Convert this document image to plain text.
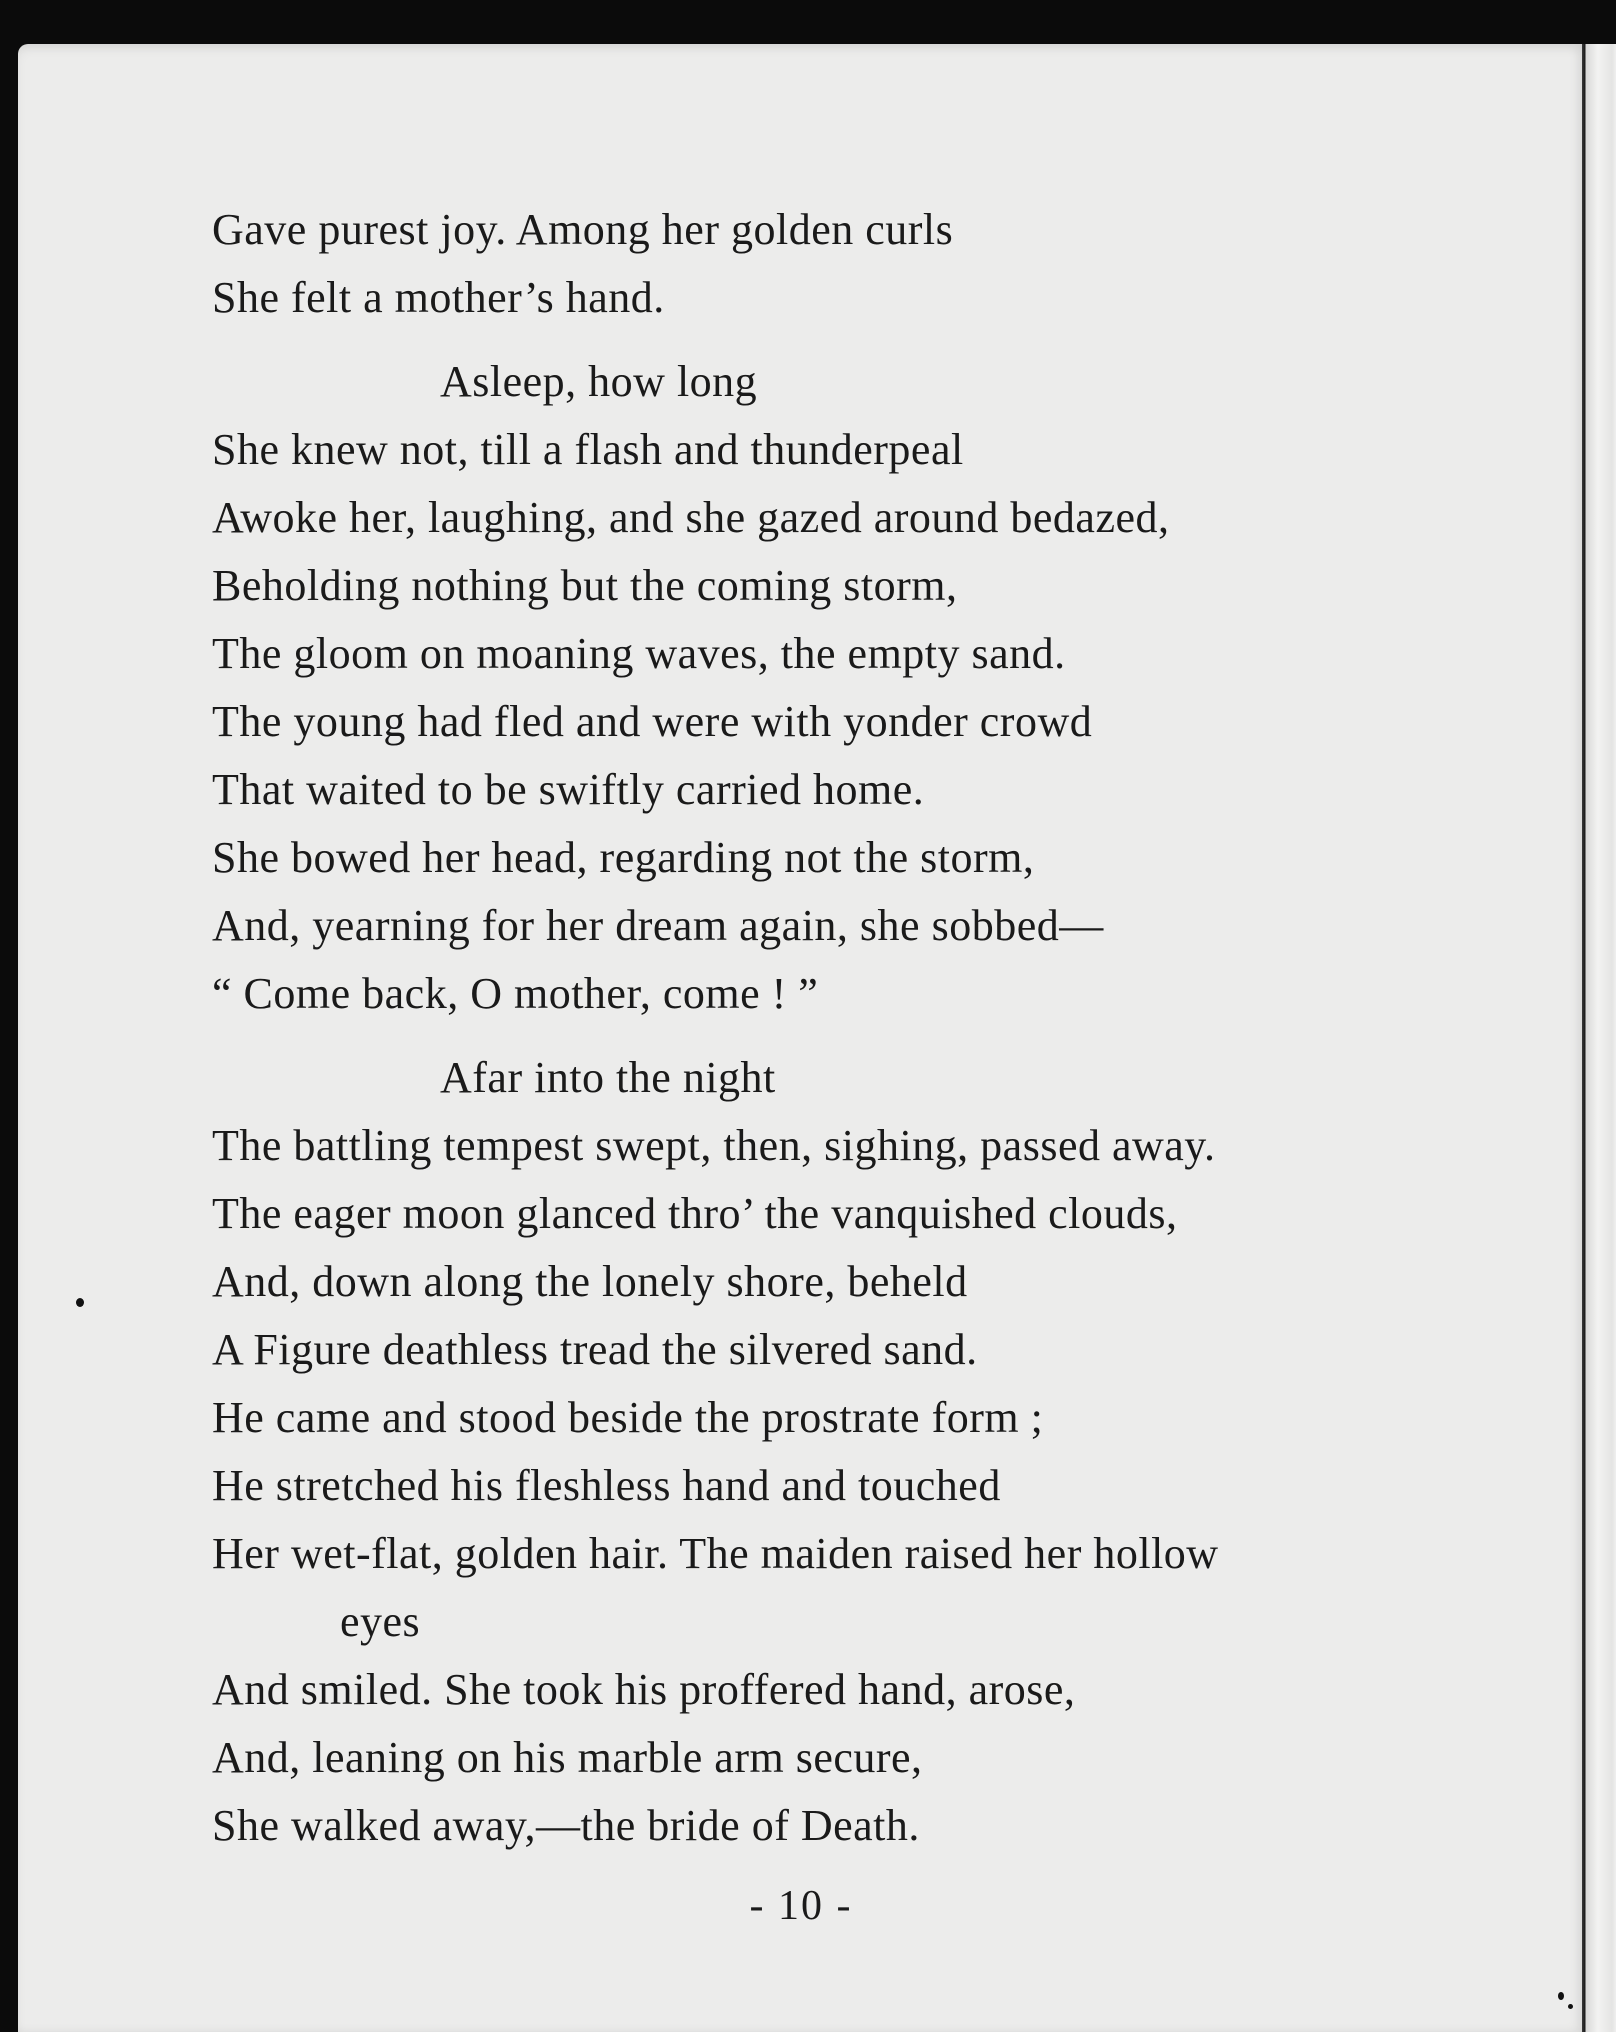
Gave purest joy. Among her golden curls
She felt a mother’s hand.
Asleep, how long
She knew not, till a flash and thunderpeal
Awoke her, laughing, and she gazed around bedazed,
Beholding nothing but the coming storm,
The gloom on moaning waves, the empty sand.
The young had fled and were with yonder crowd
That waited to be swiftly carried home.
She bowed her head, regarding not the storm,
And, yearning for her dream again, she sobbed—
“ Come back, O mother, come ! ”
Afar into the night
The battling tempest swept, then, sighing, passed away.
The eager moon glanced thro’ the vanquished clouds,
And, down along the lonely shore, beheld
A Figure deathless tread the silvered sand.
He came and stood beside the prostrate form ;
He stretched his fleshless hand and touched
Her wet-flat, golden hair. The maiden raised her hollow
eyes
And smiled. She took his proffered hand, arose,
And, leaning on his marble arm secure,
She walked away,—the bride of Death.
- 10 -
